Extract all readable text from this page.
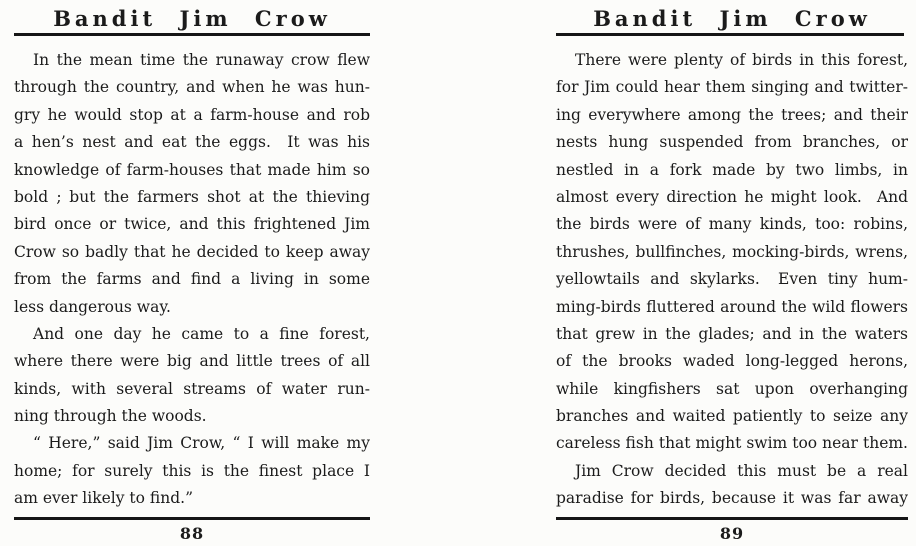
Bandit Jim Crow
In the mean time the runaway crow flew
through the country, and when he was hun-
gry he would stop at a farm-house and rob
a hen’s nest and eat the eggs.  It was his
knowledge of farm-houses that made him so
bold ; but the farmers shot at the thieving
bird once or twice, and this frightened Jim
Crow so badly that he decided to keep away
from the farms and find a living in some
less dangerous way.
And one day he came to a fine forest,
where there were big and little trees of all
kinds, with several streams of water run-
ning through the woods.
“ Here,” said Jim Crow, “ I will make my
home; for surely this is the finest place I
am ever likely to find.”
88
Bandit Jim Crow
There were plenty of birds in this forest,
for Jim could hear them singing and twitter-
ing everywhere among the trees; and their
nests hung suspended from branches, or
nestled in a fork made by two limbs, in
almost every direction he might look.  And
the birds were of many kinds, too: robins,
thrushes, bullfinches, mocking-birds, wrens,
yellowtails and skylarks.  Even tiny hum-
ming-birds fluttered around the wild flowers
that grew in the glades; and in the waters
of the brooks waded long-legged herons,
while kingfishers sat upon overhanging
branches and waited patiently to seize any
careless fish that might swim too near them.
Jim Crow decided this must be a real
paradise for birds, because it was far away
89
